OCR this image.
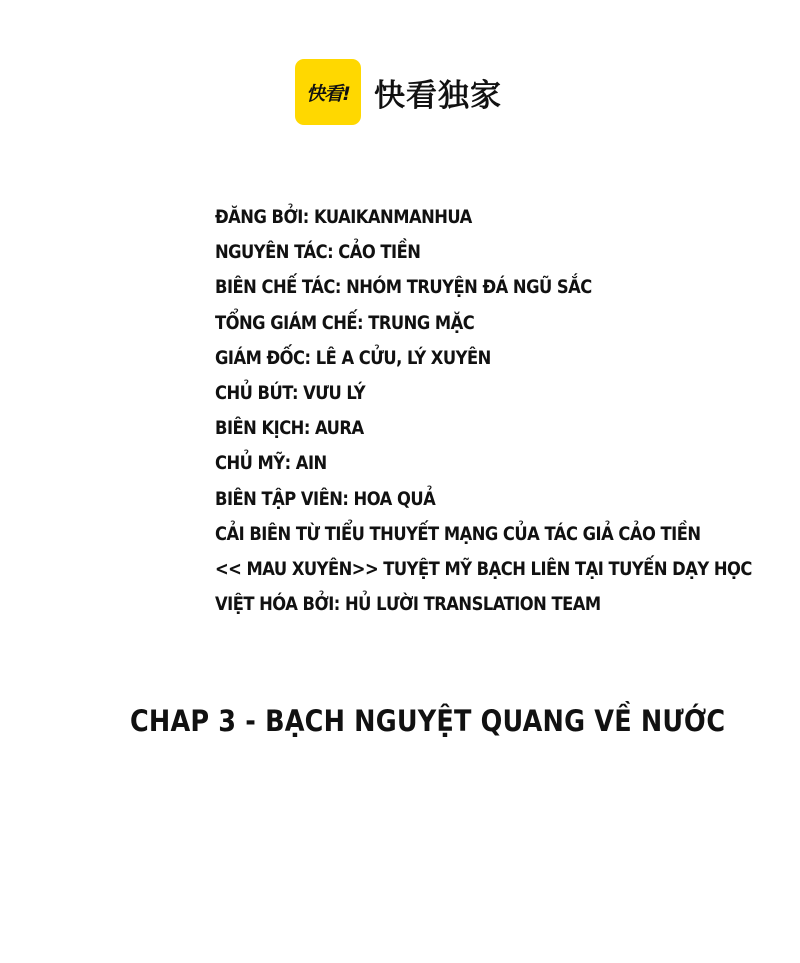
快看! 快看独家
ĐĂNG BỞI: KUAIKANMANHUA
NGUYÊN TÁC: CẢO TIỀN
BIÊN CHẾ TÁC: NHÓM TRUYỆN ĐÁ NGŨ SẮC
TỔNG GIÁM CHẾ: TRUNG MẶC
GIÁM ĐỐC: LÊ A CỬU, LÝ XUYÊN
CHỦ BÚT: VƯU LÝ
BIÊN KỊCH: AURA
CHỦ MỸ: AIN
BIÊN TẬP VIÊN: HOA QUẢ
CẢI BIÊN TỪ TIỂU THUYẾT MẠNG CỦA TÁC GIẢ CẢO TIỀN
<< MAU XUYÊN>> TUYỆT MỸ BẠCH LIÊN TẠI TUYẾN DẠY HỌC
VIỆT HÓA BỞI: HỦ LƯỜI TRANSLATION TEAM
CHAP 3 - BẠCH NGUYỆT QUANG VỀ NƯỚC
